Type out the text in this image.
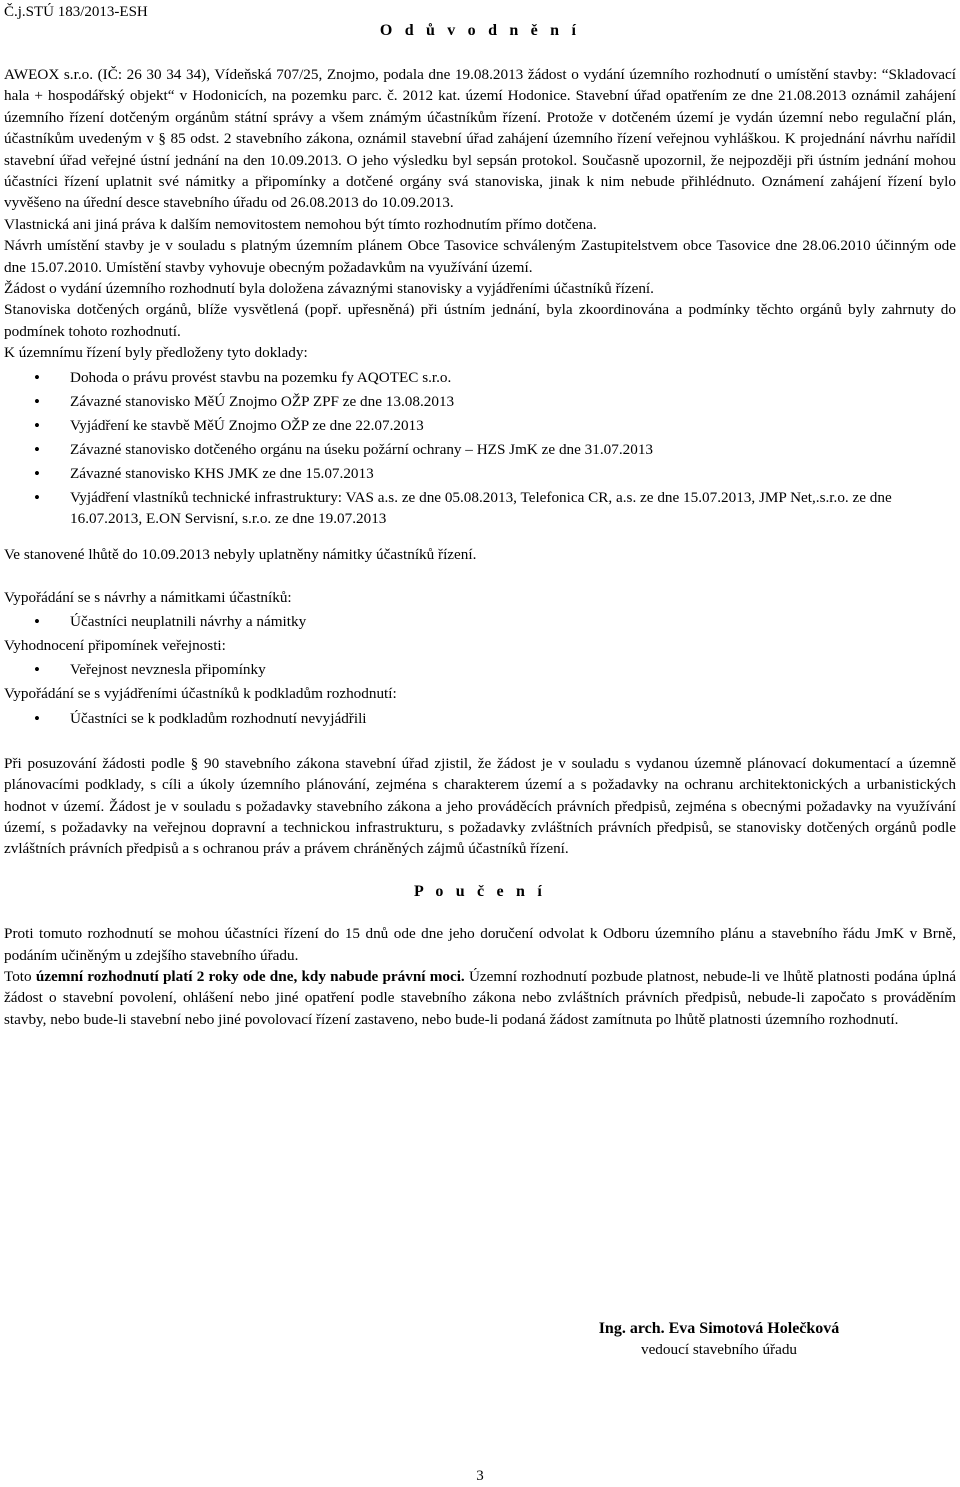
Č.j.STÚ 183/2013-ESH
O d ů v o d n ě n í

AWEOX s.r.o. (IČ: 26 30 34 34), Vídeňská 707/25, Znojmo, podala dne 19.08.2013 žádost o vydání územního rozhodnutí o umístění stavby: “Skladovací hala + hospodářský objekt“ v Hodonicích, na pozemku parc. č. 2012 kat. území Hodonice. Stavební úřad opatřením ze dne 21.08.2013 oznámil zahájení územního řízení dotčeným orgánům státní správy a všem známým účastníkům řízení. Protože v dotčeném území je vydán územní nebo regulační plán, účastníkům uvedeným v § 85 odst. 2 stavebního zákona, oznámil stavební úřad zahájení územního řízení veřejnou vyhláškou. K projednání návrhu nařídil stavební úřad veřejné ústní jednání na den 10.09.2013. O jeho výsledku byl sepsán protokol. Současně upozornil, že nejpozději při ústním jednání mohou účastníci řízení uplatnit své námitky a připomínky a dotčené orgány svá stanoviska, jinak k nim nebude přihlédnuto. Oznámení zahájení řízení bylo vyvěšeno na úřední desce stavebního úřadu od 26.08.2013 do 10.09.2013.

Vlastnická ani jiná práva k dalším nemovitostem nemohou být tímto rozhodnutím přímo dotčena.

Návrh umístění stavby je v souladu s platným územním plánem Obce Tasovice schváleným Zastupitelstvem obce Tasovice dne 28.06.2010 účinným ode dne 15.07.2010. Umístění stavby vyhovuje obecným požadavkům na využívání území.

Žádost o vydání územního rozhodnutí byla doložena závaznými stanovisky a vyjádřeními účastníků řízení.

Stanoviska dotčených orgánů, blíže vysvětlená (popř. upřesněná) při ústním jednání, byla zkoordinována a podmínky těchto orgánů byly zahrnuty do podmínek tohoto rozhodnutí.

K územnímu řízení byly předloženy tyto doklady:

• Dohoda o právu provést stavbu na pozemku fy AQOTEC s.r.o.
• Závazné stanovisko MěÚ Znojmo OŽP ZPF ze dne 13.08.2013
• Vyjádření ke stavbě MěÚ Znojmo OŽP ze dne 22.07.2013
• Závazné stanovisko dotčeného orgánu na úseku požární ochrany – HZS JmK ze dne 31.07.2013
• Závazné stanovisko KHS JMK ze dne 15.07.2013
• Vyjádření vlastníků technické infrastruktury: VAS a.s. ze dne 05.08.2013, Telefonica CR, a.s. ze dne 15.07.2013, JMP Net,.s.r.o. ze dne 16.07.2013, E.ON Servisní, s.r.o. ze dne 19.07.2013

Ve stanovené lhůtě do 10.09.2013 nebyly uplatněny námitky účastníků řízení.

Vypořádání se s návrhy a námitkami účastníků:

• Účastníci neuplatnili návrhy a námitky

Vyhodnocení připomínek veřejnosti:

• Veřejnost nevznesla připomínky

Vypořádání se s vyjádřeními účastníků k podkladům rozhodnutí:

• Účastníci se k podkladům rozhodnutí nevyjádřili

Při posuzování žádosti podle § 90 stavebního zákona stavební úřad zjistil, že žádost je v souladu s vydanou územně plánovací dokumentací a územně plánovacími podklady, s cíli a úkoly územního plánování, zejména s charakterem území a s požadavky na ochranu architektonických a urbanistických hodnot v území. Žádost je v souladu s požadavky stavebního zákona a jeho prováděcích právních předpisů, zejména s obecnými požadavky na využívání území, s požadavky na veřejnou dopravní a technickou infrastrukturu, s požadavky zvláštních právních předpisů, se stanovisky dotčených orgánů podle zvláštních právních předpisů a s ochranou práv a právem chráněných zájmů účastníků řízení.

P o u č e n í

Proti tomuto rozhodnutí se mohou účastníci řízení do 15 dnů ode dne jeho doručení odvolat k Odboru územního plánu a stavebního řádu JmK v Brně, podáním učiněným u zdejšího stavebního úřadu.

Toto územní rozhodnutí platí 2 roky ode dne, kdy nabude právní moci. Územní rozhodnutí pozbude platnost, nebude-li ve lhůtě platnosti podána úplná žádost o stavební povolení, ohlášení nebo jiné opatření podle stavebního zákona nebo zvláštních právních předpisů, nebude-li započato s prováděním stavby, nebo bude-li stavební nebo jiné povolovací řízení zastaveno, nebo bude-li podaná žádost zamítnuta po lhůtě platnosti územního rozhodnutí.

Ing. arch. Eva Simotová Holečková
vedoucí stavebního úřadu
3
